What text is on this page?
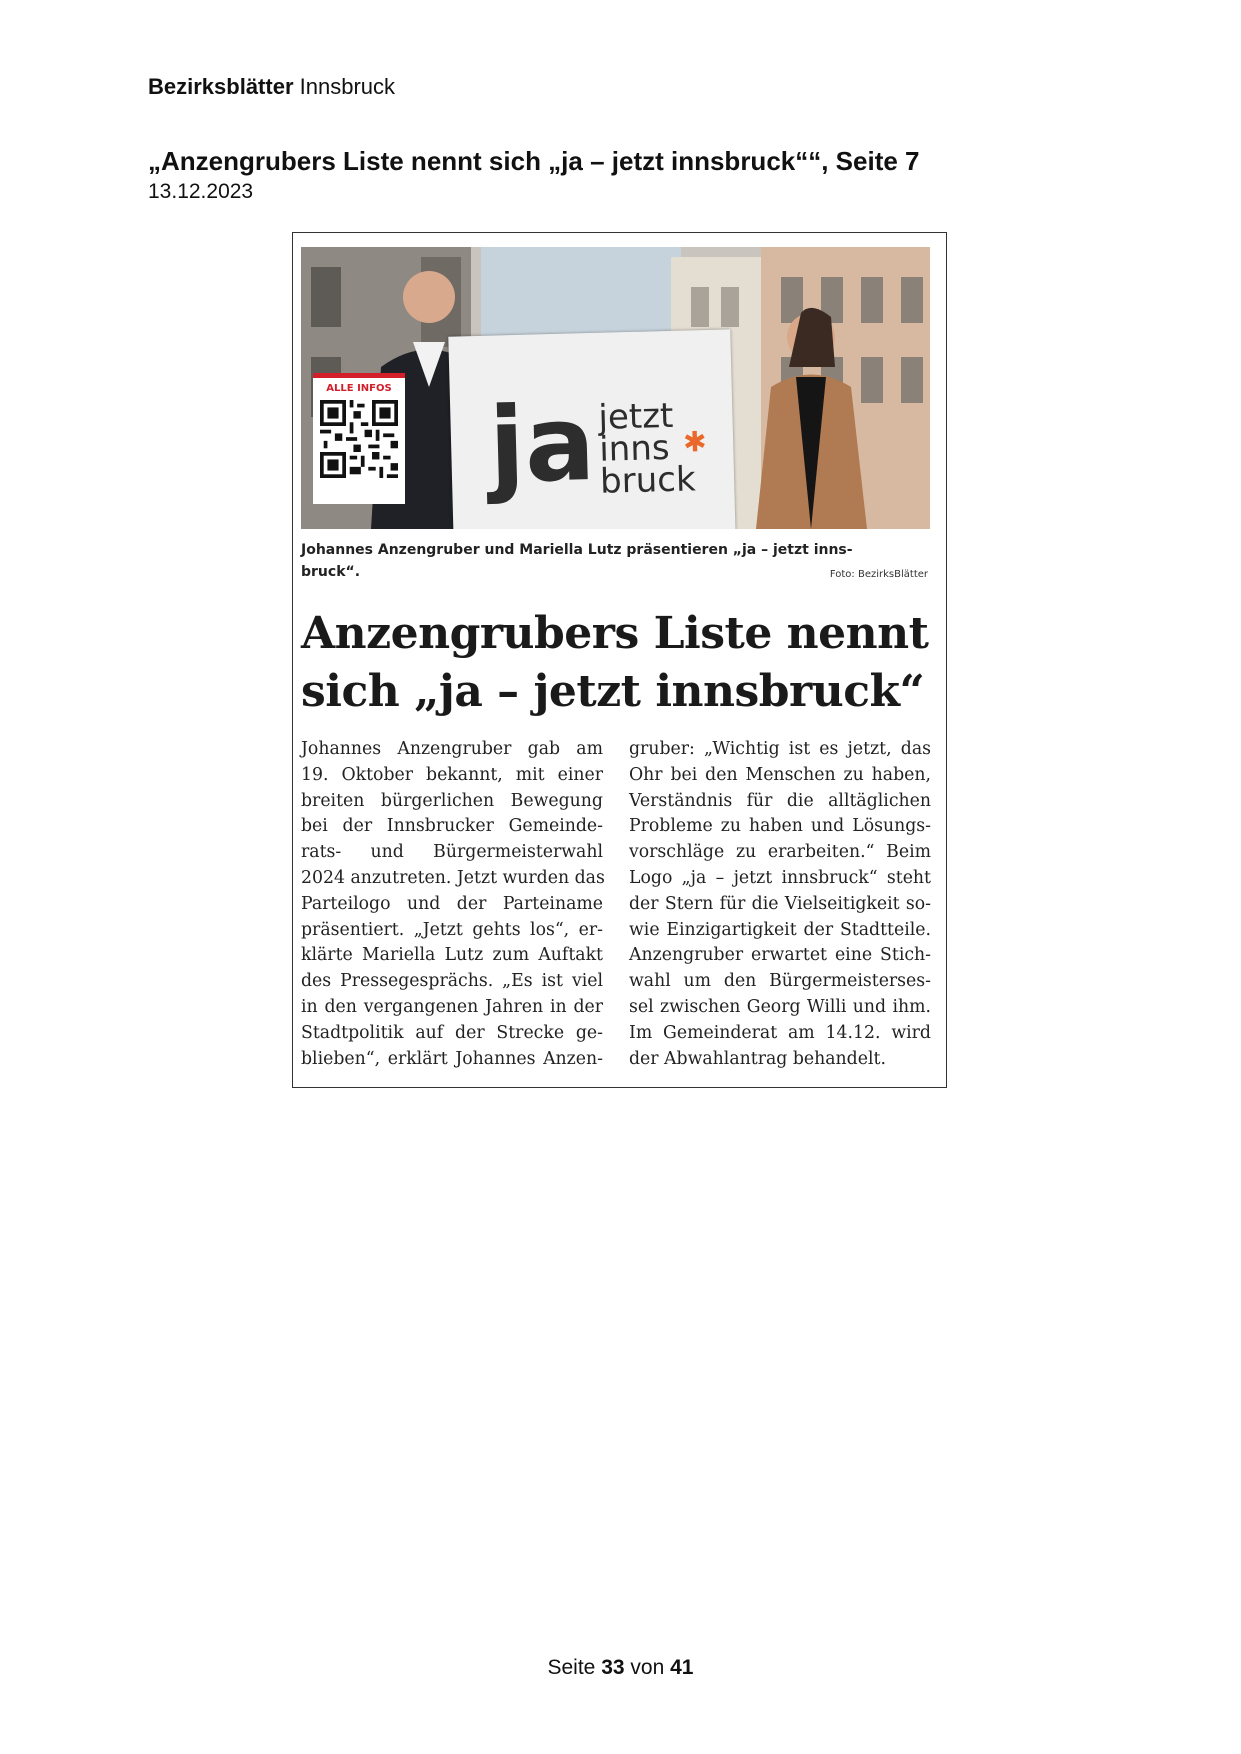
Bezirksblätter Innsbruck
„Anzengrubers Liste nennt sich „ja – jetzt innsbruck““, Seite 7
13.12.2023
ja jetzt
inns
bruck
✱
ALLE INFOS
Johannes Anzengruber und Mariella Lutz präsentieren „ja – jetzt inns-
bruck“.	Foto: BezirksBlätter
Anzengrubers Liste nennt
sich „ja – jetzt innsbruck“
Johannes Anzengruber gab am
19. Oktober bekannt, mit einer
breiten bürgerlichen Bewegung
bei der Innsbrucker Gemeinde-
rats- und Bürgermeisterwahl
2024 anzutreten. Jetzt wurden das
Parteilogo und der Parteiname
präsentiert. „Jetzt gehts los“, er-
klärte Mariella Lutz zum Auftakt
des Pressegesprächs. „Es ist viel
in den vergangenen Jahren in der
Stadtpolitik auf der Strecke ge-
blieben“, erklärt Johannes Anzen-
gruber: „Wichtig ist es jetzt, das
Ohr bei den Menschen zu haben,
Verständnis für die alltäglichen
Probleme zu haben und Lösungs-
vorschläge zu erarbeiten.“ Beim
Logo „ja – jetzt innsbruck“ steht
der Stern für die Vielseitigkeit so-
wie Einzigartigkeit der Stadtteile.
Anzengruber erwartet eine Stich-
wahl um den Bürgermeisterses-
sel zwischen Georg Willi und ihm.
Im Gemeinderat am 14.12. wird
der Abwahlantrag behandelt.
Seite 33 von 41
